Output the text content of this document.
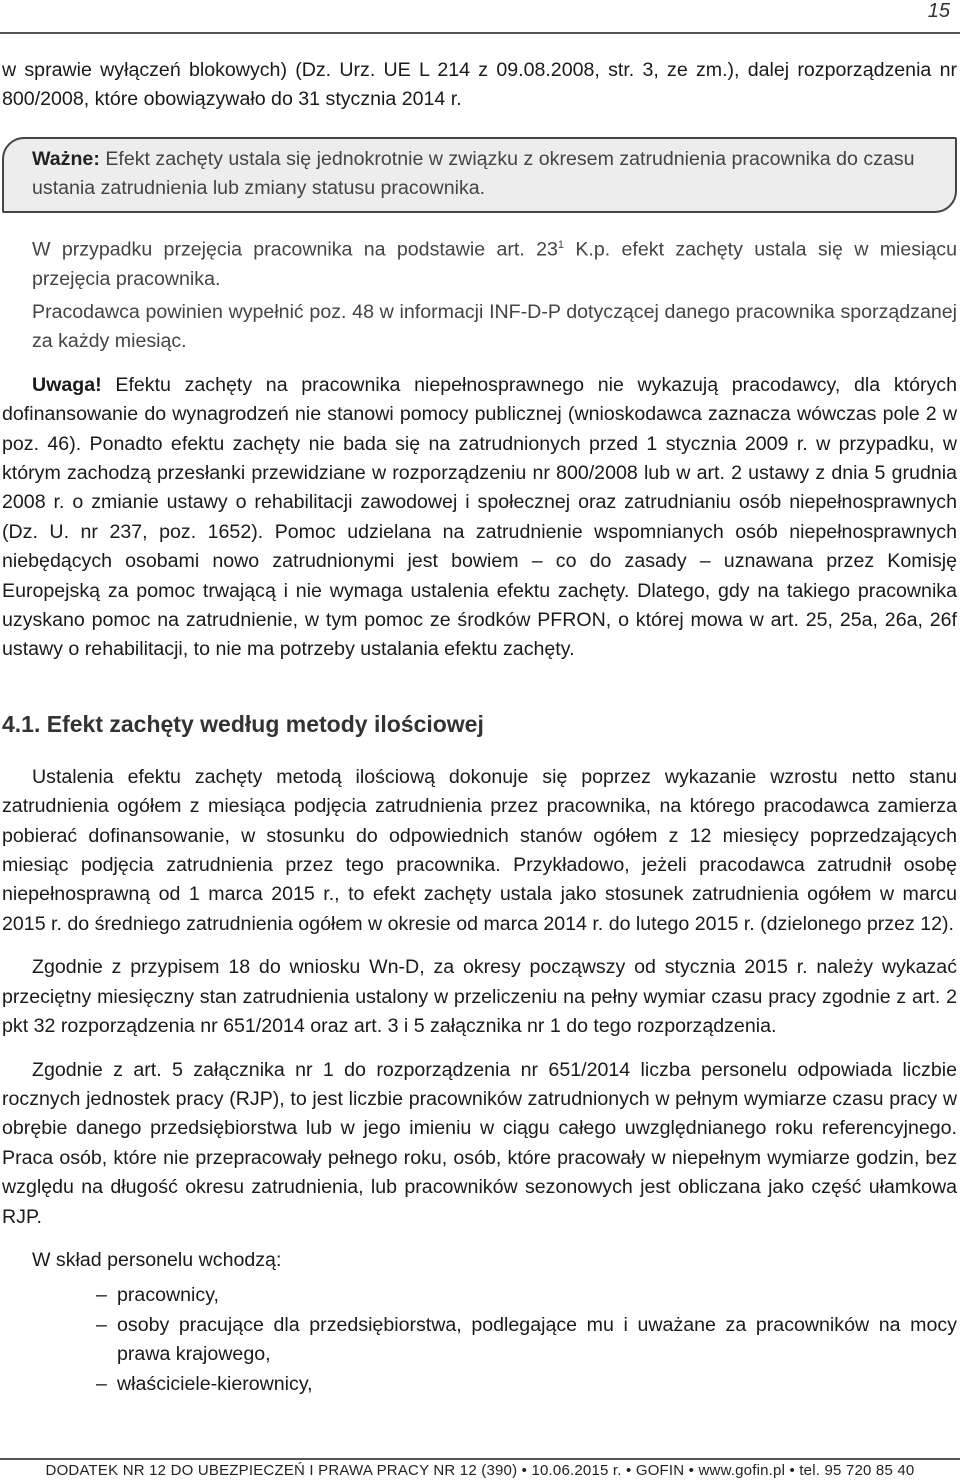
15

w sprawie wyłączeń blokowych) (Dz. Urz. UE L 214 z 09.08.2008, str. 3, ze zm.), dalej rozporządzenia nr 800/2008, które obowiązywało do 31 stycznia 2014 r.

Ważne: Efekt zachęty ustala się jednokrotnie w związku z okresem zatrudnienia pracownika do czasu ustania zatrudnienia lub zmiany statusu pracownika.

W przypadku przejęcia pracownika na podstawie art. $23^1$ K.p. efekt zachęty ustala się w miesiącu przejęcia pracownika.

Pracodawca powinien wypełnić poz. 48 w informacji INF-D-P dotyczącej danego pracownika sporządzanej za każdy miesiąc.

Uwaga! Efektu zachęty na pracownika niepełnosprawnego nie wykazują pracodawcy, dla których dofinansowanie do wynagrodzeń nie stanowi pomocy publicznej (wnioskodawca zaznacza wówczas pole 2 w poz. 46). Ponadto efektu zachęty nie bada się na zatrudnionych przed 1 stycznia 2009 r. w przypadku, w którym zachodzą przesłanki przewidziane w rozporządzeniu nr 800/2008 lub w art. 2 ustawy z dnia 5 grudnia 2008 r. o zmianie ustawy o rehabilitacji zawodowej i społecznej oraz zatrudnianiu osób niepełnosprawnych (Dz. U. nr 237, poz. 1652). Pomoc udzielana na zatrudnienie wspomnianych osób niepełnosprawnych niebędących osobami nowo zatrudnionymi jest bowiem – co do zasady – uznawana przez Komisję Europejską za pomoc trwającą i nie wymaga ustalenia efektu zachęty. Dlatego, gdy na takiego pracownika uzyskano pomoc na zatrudnienie, w tym pomoc ze środków PFRON, o której mowa w art. 25, 25a, 26a, 26f ustawy o rehabilitacji, to nie ma potrzeby ustalania efektu zachęty.

4.1. Efekt zachęty według metody ilościowej

Ustalenia efektu zachęty metodą ilościową dokonuje się poprzez wykazanie wzrostu netto stanu zatrudnienia ogółem z miesiąca podjęcia zatrudnienia przez pracownika, na którego pracodawca zamierza pobierać dofinansowanie, w stosunku do odpowiednich stanów ogółem z 12 miesięcy poprzedzających miesiąc podjęcia zatrudnienia przez tego pracownika. Przykładowo, jeżeli pracodawca zatrudnił osobę niepełnosprawną od 1 marca 2015 r., to efekt zachęty ustala jako stosunek zatrudnienia ogółem w marcu 2015 r. do średniego zatrudnienia ogółem w okresie od marca 2014 r. do lutego 2015 r. (dzielonego przez 12).

Zgodnie z przypisem 18 do wniosku Wn-D, za okresy począwszy od stycznia 2015 r. należy wykazać przeciętny miesięczny stan zatrudnienia ustalony w przeliczeniu na pełny wymiar czasu pracy zgodnie z art. 2 pkt 32 rozporządzenia nr 651/2014 oraz art. 3 i 5 załącznika nr 1 do tego rozporządzenia.

Zgodnie z art. 5 załącznika nr 1 do rozporządzenia nr 651/2014 liczba personelu odpowiada liczbie rocznych jednostek pracy (RJP), to jest liczbie pracowników zatrudnionych w pełnym wymiarze czasu pracy w obrębie danego przedsiębiorstwa lub w jego imieniu w ciągu całego uwzględnianego roku referencyjnego. Praca osób, które nie przepracowały pełnego roku, osób, które pracowały w niepełnym wymiarze godzin, bez względu na długość okresu zatrudnienia, lub pracowników sezonowych jest obliczana jako część ułamkowa RJP.

W skład personelu wchodzą:

– pracownicy,
– osoby pracujące dla przedsiębiorstwa, podlegające mu i uważane za pracowników na mocy prawa krajowego,
– właściciele-kierownicy,
DODATEK NR 12 DO UBEZPIECZEŃ I PRAWA PRACY NR 12 (390) • 10.06.2015 r. • GOFIN • www.gofin.pl • tel. 95 720 85 40
